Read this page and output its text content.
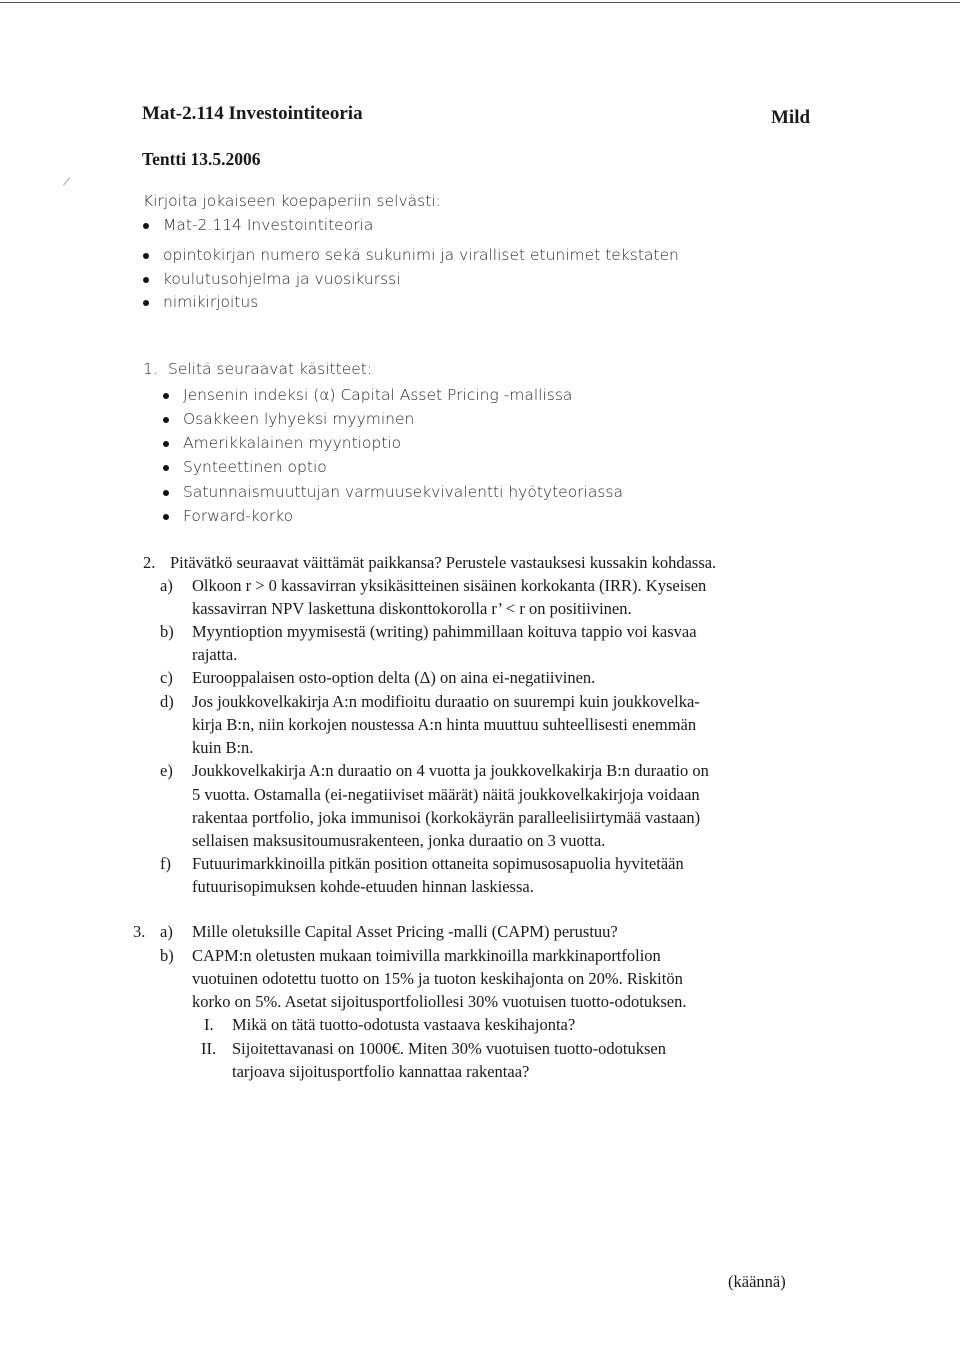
/
Mat-2.114 Investointiteoria	Mild
Tentti 13.5.2006
Kirjoita jokaiseen koepaperiin selvästi:
Mat-2.114 Investointiteoria
opintokirjan numero sekä sukunimi ja viralliset etunimet tekstaten
koulutusohjelma ja vuosikurssi
nimikirjoitus
1. Selitä seuraavat käsitteet:
Jensenin indeksi (α) Capital Asset Pricing -mallissa
Osakkeen lyhyeksi myyminen
Amerikkalainen myyntioptio
Synteettinen optio
Satunnaismuuttujan varmuusekvivalentti hyötyteoriassa
Forward-korko
2. Pitävätkö seuraavat väittämät paikkansa? Perustele vastauksesi kussakin kohdassa.
a) Olkoon r > 0 kassavirran yksikäsitteinen sisäinen korkokanta (IRR). Kyseisen
kassavirran NPV laskettuna diskonttokorolla r’ < r on positiivinen.
b) Myyntioption myymisestä (writing) pahimmillaan koituva tappio voi kasvaa
rajatta.
c) Eurooppalaisen osto-option delta (Δ) on aina ei-negatiivinen.
d) Jos joukkovelkakirja A:n modifioitu duraatio on suurempi kuin joukkovelka-
kirja B:n, niin korkojen noustessa A:n hinta muuttuu suhteellisesti enemmän
kuin B:n.
e) Joukkovelkakirja A:n duraatio on 4 vuotta ja joukkovelkakirja B:n duraatio on
5 vuotta. Ostamalla (ei-negatiiviset määrät) näitä joukkovelkakirjoja voidaan
rakentaa portfolio, joka immunisoi (korkokäyrän paralleelisiirtymää vastaan)
sellaisen maksusitoumusrakenteen, jonka duraatio on 3 vuotta.
f) Futuurimarkkinoilla pitkän position ottaneita sopimusosapuolia hyvitetään
futuurisopimuksen kohde-etuuden hinnan laskiessa.
3. a) Mille oletuksille Capital Asset Pricing -malli (CAPM) perustuu?
b) CAPM:n oletusten mukaan toimivilla markkinoilla markkinaportfolion
vuotuinen odotettu tuotto on 15% ja tuoton keskihajonta on 20%. Riskitön
korko on 5%. Asetat sijoitusportfoliollesi 30% vuotuisen tuotto-odotuksen.
I. Mikä on tätä tuotto-odotusta vastaava keskihajonta?
II. Sijoitettavanasi on 1000€. Miten 30% vuotuisen tuotto-odotuksen
tarjoava sijoitusportfolio kannattaa rakentaa?
(käännä)
